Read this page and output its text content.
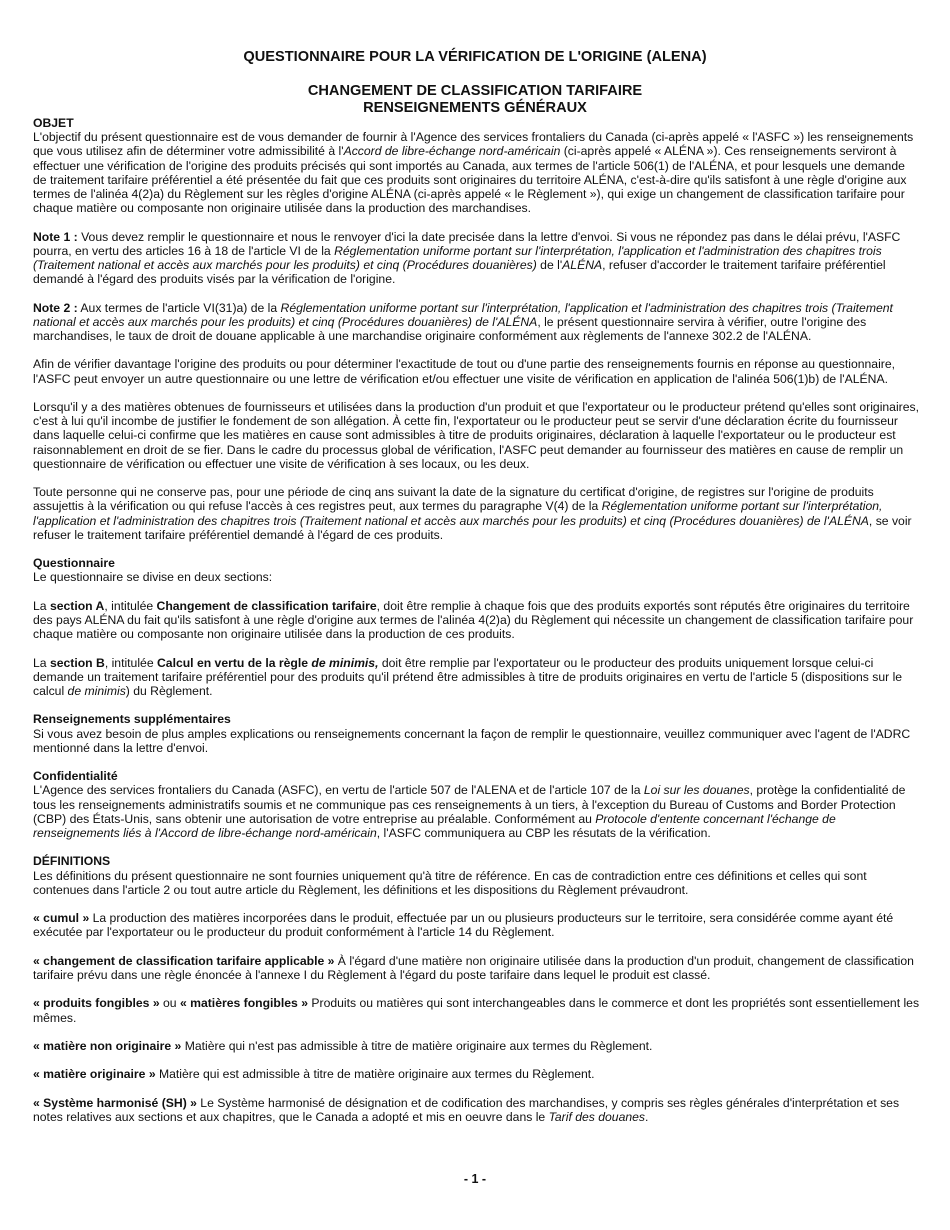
QUESTIONNAIRE POUR LA VÉRIFICATION DE L'ORIGINE (ALENA)
CHANGEMENT DE CLASSIFICATION TARIFAIRE
RENSEIGNEMENTS GÉNÉRAUX
OBJET

L'objectif du présent questionnaire est de vous demander de fournir à l'Agence des services frontaliers du Canada (ci-après appelé « l'ASFC ») les renseignements que vous utilisez afin de déterminer votre admissibilité à l'Accord de libre-échange nord-américain (ci-après appelé « ALÉNA »). Ces renseignements serviront à effectuer une vérification de l'origine des produits précisés qui sont importés au Canada, aux termes de l'article 506(1) de l'ALÉNA, et pour lesquels une demande de traitement tarifaire préférentiel a été présentée du fait que ces produits sont originaires du territoire ALÉNA, c'est-à-dire qu'ils satisfont à une règle d'origine aux termes de l'alinéa 4(2)a) du Règlement sur les règles d'origine ALÉNA (ci-après appelé « le Règlement »), qui exige un changement de classification tarifaire pour chaque matière ou composante non originaire utilisée dans la production des marchandises.

Note 1 : Vous devez remplir le questionnaire et nous le renvoyer d'ici la date precisée dans la lettre d'envoi. Si vous ne répondez pas dans le délai prévu, l'ASFC pourra, en vertu des articles 16 à 18 de l'article VI de la Réglementation uniforme portant sur l'interprétation, l'application et l'administration des chapitres trois (Traitement national et accès aux marchés pour les produits) et cinq (Procédures douanières) de l'ALÉNA, refuser d'accorder le traitement tarifaire préférentiel demandé à l'égard des produits visés par la vérification de l'origine.

Note 2 : Aux termes de l'article VI(31)a) de la Réglementation uniforme portant sur l'interprétation, l'application et l'administration des chapitres trois (Traitement national et accès aux marchés pour les produits) et cinq (Procédures douanières) de l'ALÉNA, le présent questionnaire servira à vérifier, outre l'origine des marchandises, le taux de droit de douane applicable à une marchandise originaire conformément aux règlements de l'annexe 302.2 de l'ALÉNA.

Afin de vérifier davantage l'origine des produits ou pour déterminer l'exactitude de tout ou d'une partie des renseignements fournis en réponse au questionnaire, l'ASFC peut envoyer un autre questionnaire ou une lettre de vérification et/ou effectuer une visite de vérification en application de l'alinéa 506(1)b) de l'ALÉNA.

Lorsqu'il y a des matières obtenues de fournisseurs et utilisées dans la production d'un produit et que l'exportateur ou le producteur prétend qu'elles sont originaires, c'est à lui qu'il incombe de justifier le fondement de son allégation. À cette fin, l'exportateur ou le producteur peut se servir d'une déclaration écrite du fournisseur dans laquelle celui-ci confirme que les matières en cause sont admissibles à titre de produits originaires, déclaration à laquelle l'exportateur ou le producteur est raisonnablement en droit de se fier. Dans le cadre du processus global de vérification, l'ASFC peut demander au fournisseur des matières en cause de remplir un questionnaire de vérification ou effectuer une visite de vérification à ses locaux, ou les deux.

Toute personne qui ne conserve pas, pour une période de cinq ans suivant la date de la signature du certificat d'origine, de registres sur l'origine de produits assujettis à la vérification ou qui refuse l'accès à ces registres peut, aux termes du paragraphe V(4) de la Réglementation uniforme portant sur l'interprétation, l'application et l'administration des chapitres trois (Traitement national et accès aux marchés pour les produits) et cinq (Procédures douanières) de l'ALÉNA, se voir refuser le traitement tarifaire préférentiel demandé à l'égard de ces produits.

Questionnaire

Le questionnaire se divise en deux sections:

La section A, intitulée Changement de classification tarifaire, doit être remplie à chaque fois que des produits exportés sont réputés être originaires du territoire des pays ALÉNA du fait qu'ils satisfont à une règle d'origine aux termes de l'alinéa 4(2)a) du Règlement qui nécessite un changement de classification tarifaire pour chaque matière ou composante non originaire utilisée dans la production de ces produits.

La section B, intitulée Calcul en vertu de la règle de minimis, doit être remplie par l'exportateur ou le producteur des produits uniquement lorsque celui-ci demande un traitement tarifaire préférentiel pour des produits qu'il prétend être admissibles à titre de produits originaires en vertu de l'article 5 (dispositions sur le calcul de minimis) du Règlement.

Renseignements supplémentaires

Si vous avez besoin de plus amples explications ou renseignements concernant la façon de remplir le questionnaire, veuillez communiquer avec l'agent de l'ADRC mentionné dans la lettre d'envoi.

Confidentialité

L'Agence des services frontaliers du Canada (ASFC), en vertu de l'article 507 de l'ALENA et de l'article 107 de la Loi sur les douanes, protège la confidentialité de tous les renseignements administratifs soumis et ne communique pas ces renseignements à un tiers, à l'exception du Bureau of Customs and Border Protection (CBP) des États-Unis, sans obtenir une autorisation de votre entreprise au préalable. Conformément au Protocole d'entente concernant l'échange de renseignements liés à l'Accord de libre-échange nord-américain, l'ASFC communiquera au CBP les résutats de la vérification.

DÉFINITIONS

Les définitions du présent questionnaire ne sont fournies uniquement qu'à titre de référence. En cas de contradiction entre ces définitions et celles qui sont contenues dans l'article 2 ou tout autre article du Règlement, les définitions et les dispositions du Règlement prévaudront.

« cumul » La production des matières incorporées dans le produit, effectuée par un ou plusieurs producteurs sur le territoire, sera considérée comme ayant été exécutée par l'exportateur ou le producteur du produit conformément à l'article 14 du Règlement.

« changement de classification tarifaire applicable » À l'égard d'une matière non originaire utilisée dans la production d'un produit, changement de classification tarifaire prévu dans une règle énoncée à l'annexe I du Règlement à l'égard du poste tarifaire dans lequel le produit est classé.

« produits fongibles » ou « matières fongibles » Produits ou matières qui sont interchangeables dans le commerce et dont les propriétés sont essentiellement les mêmes.

« matière non originaire » Matière qui n'est pas admissible à titre de matière originaire aux termes du Règlement.

« matière originaire » Matière qui est admissible à titre de matière originaire aux termes du Règlement.

« Système harmonisé (SH) » Le Système harmonisé de désignation et de codification des marchandises, y compris ses règles générales d'interprétation et ses notes relatives aux sections et aux chapitres, que le Canada a adopté et mis en oeuvre dans le Tarif des douanes.

- 1 -
